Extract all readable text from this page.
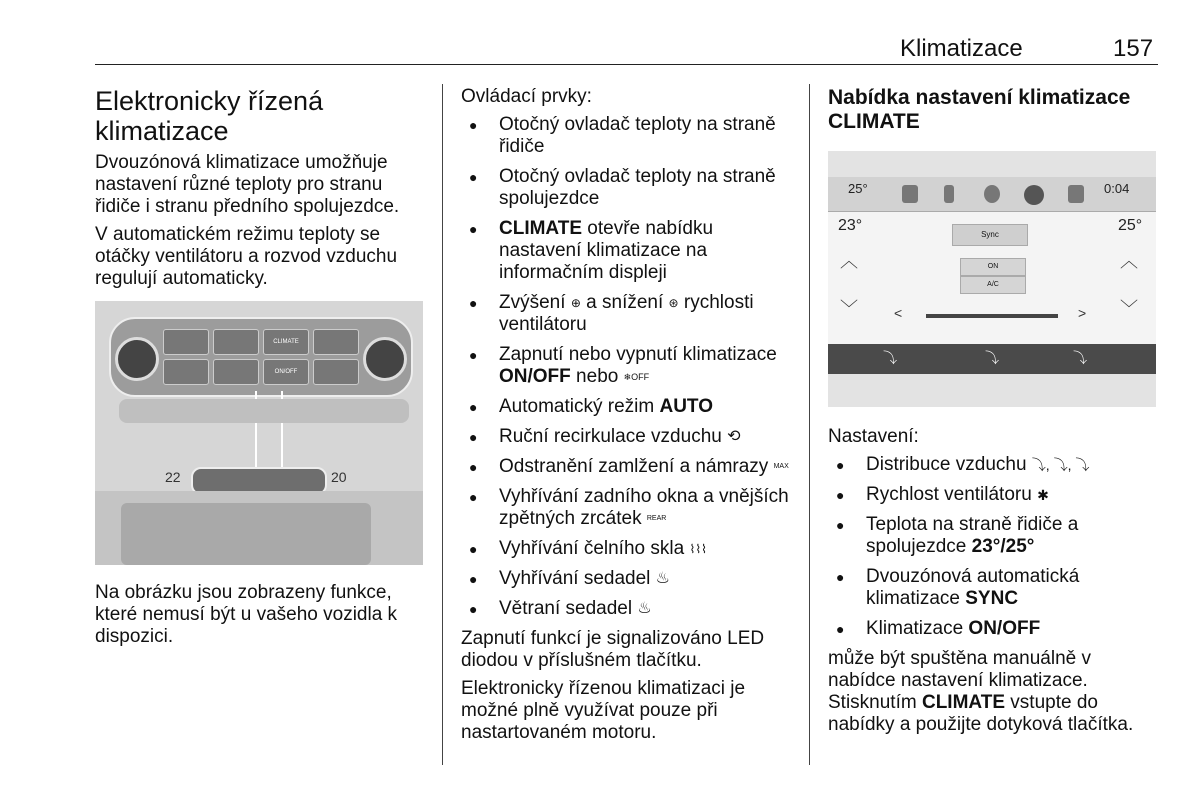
Klimatizace	157
Elektronicky řízená klimatizace

Dvouzónová klimatizace umožňuje nastavení různé teploty pro stranu řidiče i stranu předního spolujezdce.

V automatickém režimu teploty se otáčky ventilátoru a rozvod vzduchu regulují automaticky.

CLIMATE
ON/OFF
22	20

Na obrázku jsou zobrazeny funkce, které nemusí být u vašeho vozidla k dispozici.

Ovládací prvky:

● Otočný ovladač teploty na straně řidiče
● Otočný ovladač teploty na straně spolujezdce
● CLIMATE otevře nabídku nastavení klimatizace na informačním displeji
● Zvýšení ⊕ a snížení ⊛ rychlosti ventilátoru
● Zapnutí nebo vypnutí klimatizace ON/OFF nebo ❄OFF
● Automatický režim AUTO
● Ruční recirkulace vzduchu ⟲
● Odstranění zamlžení a námrazy MAX
● Vyhřívání zadního okna a vnějších zpětných zrcátek REAR
● Vyhřívání čelního skla ⌇⌇⌇
● Vyhřívání sedadel ♨
● Větraní sedadel ♨

Zapnutí funkcí je signalizováno LED diodou v příslušném tlačítku.

Elektronicky řízenou klimatizaci je možné plně využívat pouze při nastartovaném motoru.

Nabídka nastavení klimatizace CLIMATE
25°	0:04
23°	25°
Sync
ON
A/C
︿
﹀
︿
﹀
<	>
⤵	⤵	⤵

Nastavení:

● Distribuce vzduchu ⤵, ⤵, ⤵
● Rychlost ventilátoru ✱
● Teplota na straně řidiče a spolujezdce 23°/25°
● Dvouzónová automatická klimatizace SYNC
● Klimatizace ON/OFF

může být spuštěna manuálně v nabídce nastavení klimatizace. Stisknutím CLIMATE vstupte do nabídky a použijte dotyková tlačítka.
